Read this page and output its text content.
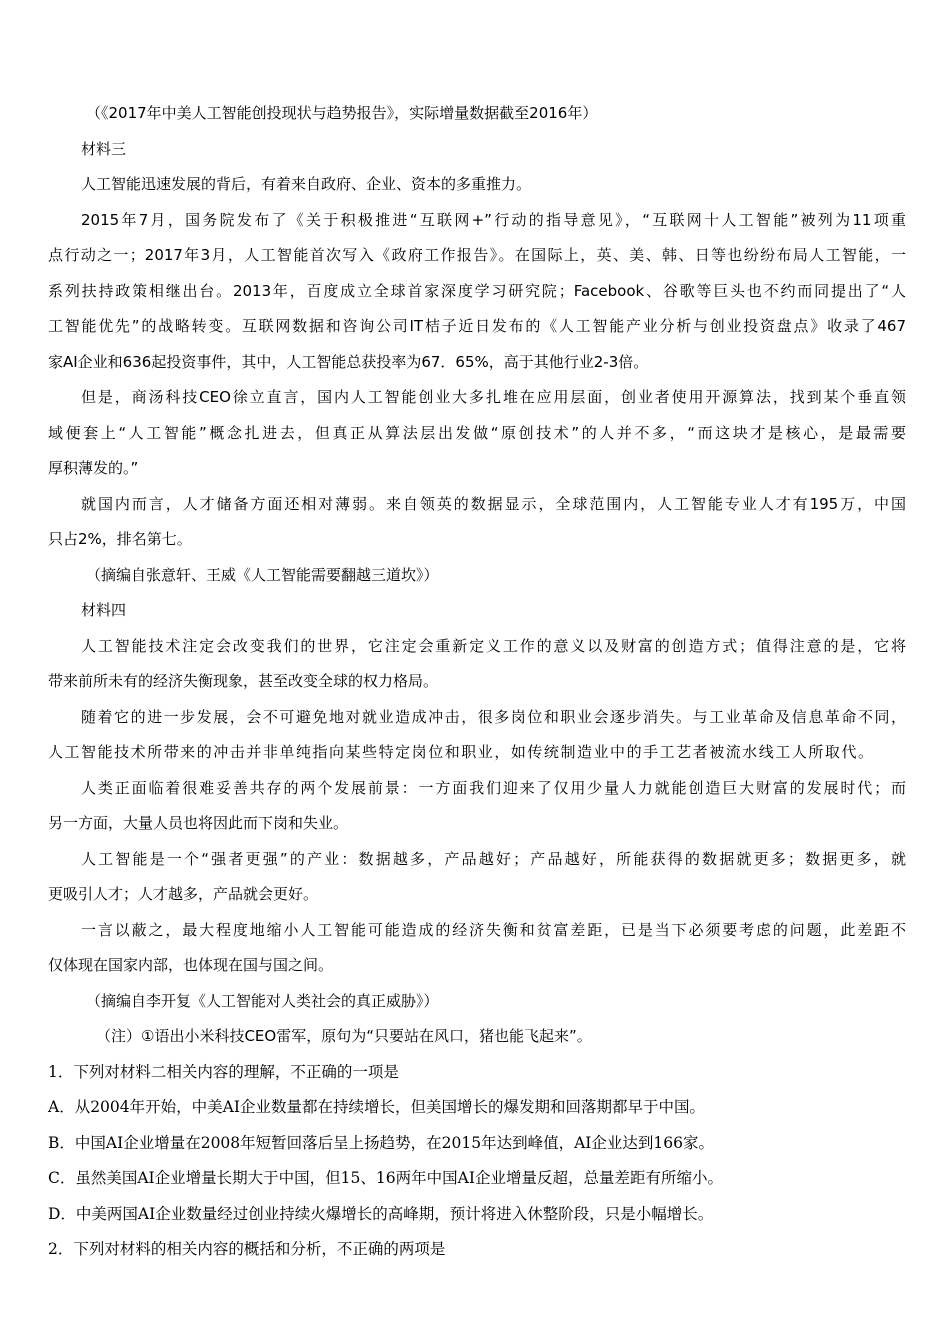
（《2017年中美人工智能创投现状与趋势报告》，实际增量数据截至2016年）
材料三
人工智能迅速发展的背后，有着来自政府、企业、资本的多重推力。
2015年7月，国务院发布了《关于积极推进“互联网+”行动的指导意见》，“互联网十人工智能”被列为11项重
点行动之一；2017年3月，人工智能首次写入《政府工作报告》。在国际上，英、美、韩、日等也纷纷布局人工智能，一
系列扶持政策相继出台。2013年，百度成立全球首家深度学习研究院；Facebook、谷歌等巨头也不约而同提出了“人
工智能优先”的战略转变。互联网数据和咨询公司IT桔子近日发布的《人工智能产业分析与创业投资盘点》收录了467
家AI企业和636起投资事件，其中，人工智能总获投率为67．65%，高于其他行业2-3倍。
但是，商汤科技CEO徐立直言，国内人工智能创业大多扎堆在应用层面，创业者使用开源算法，找到某个垂直领
域便套上“人工智能”概念扎进去，但真正从算法层出发做“原创技术”的人并不多，“而这块才是核心，是最需要
厚积薄发的。”
就国内而言，人才储备方面还相对薄弱。来自领英的数据显示，全球范围内，人工智能专业人才有195万，中国
只占2%，排名第七。
（摘编自张意轩、王威《人工智能需要翻越三道坎》）
材料四
人工智能技术注定会改变我们的世界，它注定会重新定义工作的意义以及财富的创造方式；值得注意的是，它将
带来前所未有的经济失衡现象，甚至改变全球的权力格局。
随着它的进一步发展，会不可避免地对就业造成冲击，很多岗位和职业会逐步消失。与工业革命及信息革命不同，
人工智能技术所带来的冲击并非单纯指向某些特定岗位和职业，如传统制造业中的手工艺者被流水线工人所取代。
人类正面临着很难妥善共存的两个发展前景：一方面我们迎来了仅用少量人力就能创造巨大财富的发展时代；而
另一方面，大量人员也将因此而下岗和失业。
人工智能是一个“强者更强”的产业：数据越多，产品越好；产品越好，所能获得的数据就更多；数据更多，就
更吸引人才；人才越多，产品就会更好。
一言以蔽之，最大程度地缩小人工智能可能造成的经济失衡和贫富差距，已是当下必须要考虑的问题，此差距不
仅体现在国家内部，也体现在国与国之间。
（摘编自李开复《人工智能对人类社会的真正威胁》）
（注）①语出小米科技CEO雷军，原句为“只要站在风口，猪也能飞起来”。
1．下列对材料二相关内容的理解，不正确的一项是
A．从2004年开始，中美AI企业数量都在持续增长，但美国增长的爆发期和回落期都早于中国。
B．中国AI企业增量在2008年短暂回落后呈上扬趋势，在2015年达到峰值，AI企业达到166家。
C．虽然美国AI企业增量长期大于中国，但15、16两年中国AI企业增量反超，总量差距有所缩小。
D．中美两国AI企业数量经过创业持续火爆增长的高峰期，预计将进入休整阶段，只是小幅增长。
2．下列对材料的相关内容的概括和分析，不正确的两项是
